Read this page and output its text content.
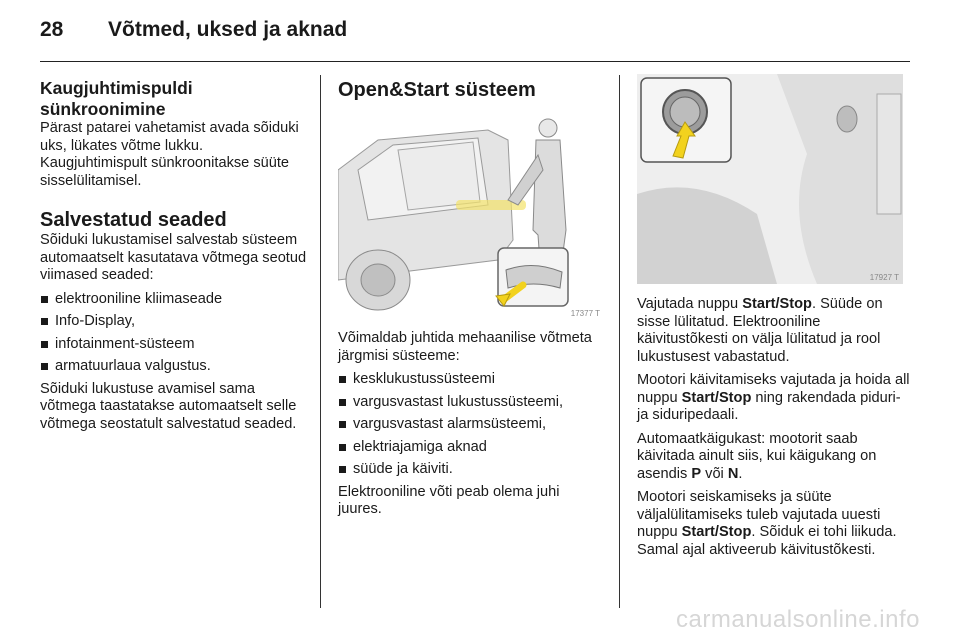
28 Võtmed, uksed ja aknad
Kaugjuhtimispuldi sünkroonimine

Pärast patarei vahetamist avada sõiduki uks, lükates võtme lukku. Kaugjuhtimispult sünkroonitakse süüte sisselülitamisel.

Salvestatud seaded

Sõiduki lukustamisel salvestab süsteem automaatselt kasutatava võtmega seotud viimased seaded:

elektrooniline kliimaseade
Info-Display,
infotainment-süsteem
armatuurlaua valgustus.

Sõiduki lukustuse avamisel sama võtmega taastatakse automaatselt selle võtmega seostatult salvestatud seaded.

Open&Start süsteem
17377 T

Võimaldab juhtida mehaanilise võtmeta järgmisi süsteeme:

kesklukustussüsteemi
vargusvastast lukustussüsteemi,
vargusvastast alarmsüsteemi,
elektriajamiga aknad
süüde ja käiviti.

Elektrooniline võti peab olema juhi juures.

17927 T

Vajutada nuppu Start/Stop. Süüde on sisse lülitatud. Elektrooniline käivitustõkesti on välja lülitatud ja rool lukustusest vabastatud.

Mootori käivitamiseks vajutada ja hoida all nuppu Start/Stop ning rakendada piduri- ja siduripedaali.

Automaatkäigukast: mootorit saab käivitada ainult siis, kui käigukang on asendis P või N.

Mootori seiskamiseks ja süüte väljalülitamiseks tuleb vajutada uuesti nuppu Start/Stop. Sõiduk ei tohi liikuda. Samal ajal aktiveerub käivitustõkesti.

carmanualsonline.info
